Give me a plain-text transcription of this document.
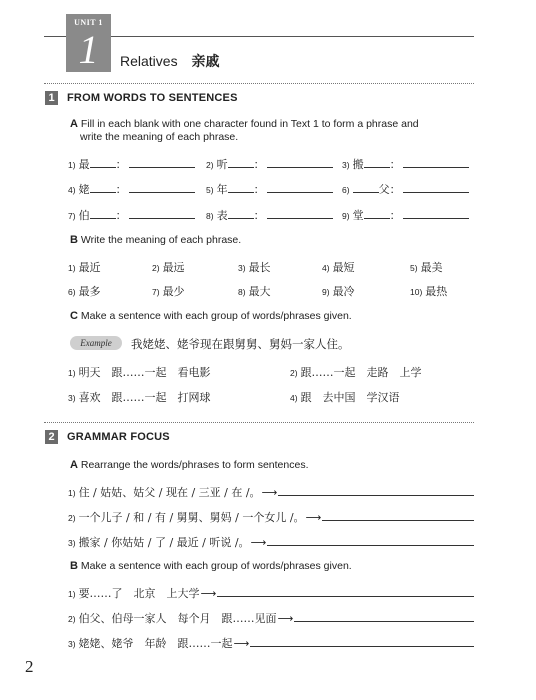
UNIT 1
1	Relatives 亲戚
1	FROM WORDS TO SENTENCES
A Fill in each blank with one character found in Text 1 to form a phrase and
write the meaning of each phrase.
B Write the meaning of each phrase.
C Make a sentence with each group of words/phrases given.
Example	我姥姥、姥爷现在跟舅舅、舅妈一家人住。
2	GRAMMAR FOCUS
A Rearrange the words/phrases to form sentences.
B Make a sentence with each group of words/phrases given.
2
1) 最 ：	2) 听 ：	3) 搬 ：
4) 姥 ：	5) 年 ：	6)	父：
7) 伯 ：	8) 表 ：	9) 堂 ：
1) 最近	2) 最远	3) 最长	4) 最短	5) 最美
6) 最多	7) 最少	8) 最大	9) 最冷	10) 最热
1) 明天　跟……一起　看电影	2) 跟……一起　走路　上学
3) 喜欢　跟……一起　打网球	4) 跟　去中国　学汉语
1) 住 / 姑姑、姑父 / 现在 / 三亚 / 在 /。 ⟶
2) 一个儿子 / 和 / 有 / 舅舅、舅妈 / 一个女儿 /。 ⟶
3) 搬家 / 你姑姑 / 了 / 最近 / 听说 /。 ⟶
1) 要……了　北京　上大学 ⟶
2) 伯父、伯母一家人　每个月　跟……见面 ⟶
3) 姥姥、姥爷　年龄　跟……一起 ⟶
